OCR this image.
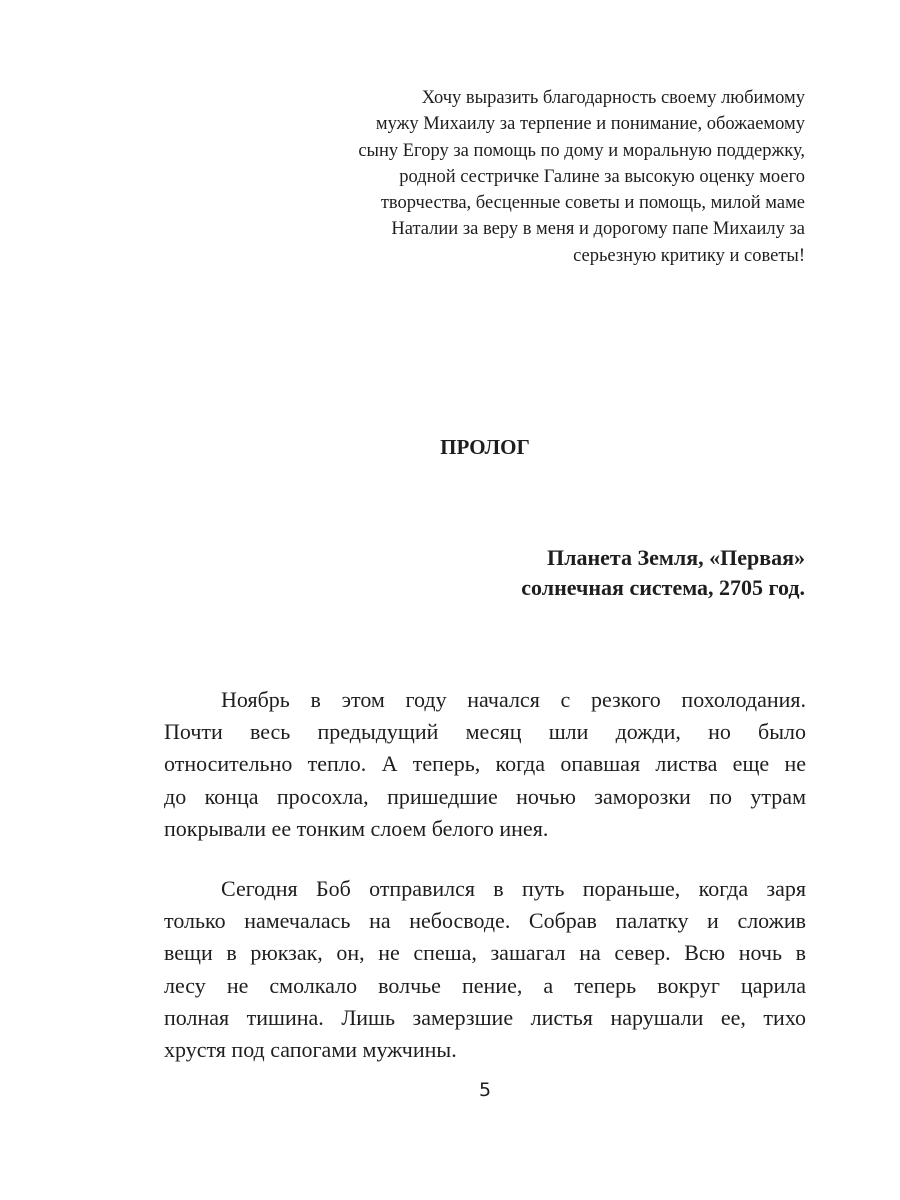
Хочу выразить благодарность своему любимому
мужу Михаилу за терпение и понимание, обожаемому
сыну Егору за помощь по дому и моральную поддержку,
родной сестричке Галине за высокую оценку моего
творчества, бесценные советы и помощь, милой маме
Наталии за веру в меня и дорогому папе Михаилу за
серьезную критику и советы!
ПРОЛОГ
Планета Земля, «Первая»
солнечная система, 2705 год.
Ноябрь в этом году начался с резкого похолодания.
Почти весь предыдущий месяц шли дожди, но было
относительно тепло. А теперь, когда опавшая листва еще не
до конца просохла, пришедшие ночью заморозки по утрам
покрывали ее тонким слоем белого инея.
Сегодня Боб отправился в путь пораньше, когда заря
только намечалась на небосводе. Собрав палатку и сложив
вещи в рюкзак, он, не спеша, зашагал на север. Всю ночь в
лесу не смолкало волчье пение, а теперь вокруг царила
полная тишина. Лишь замерзшие листья нарушали ее, тихо
хрустя под сапогами мужчины.
5
